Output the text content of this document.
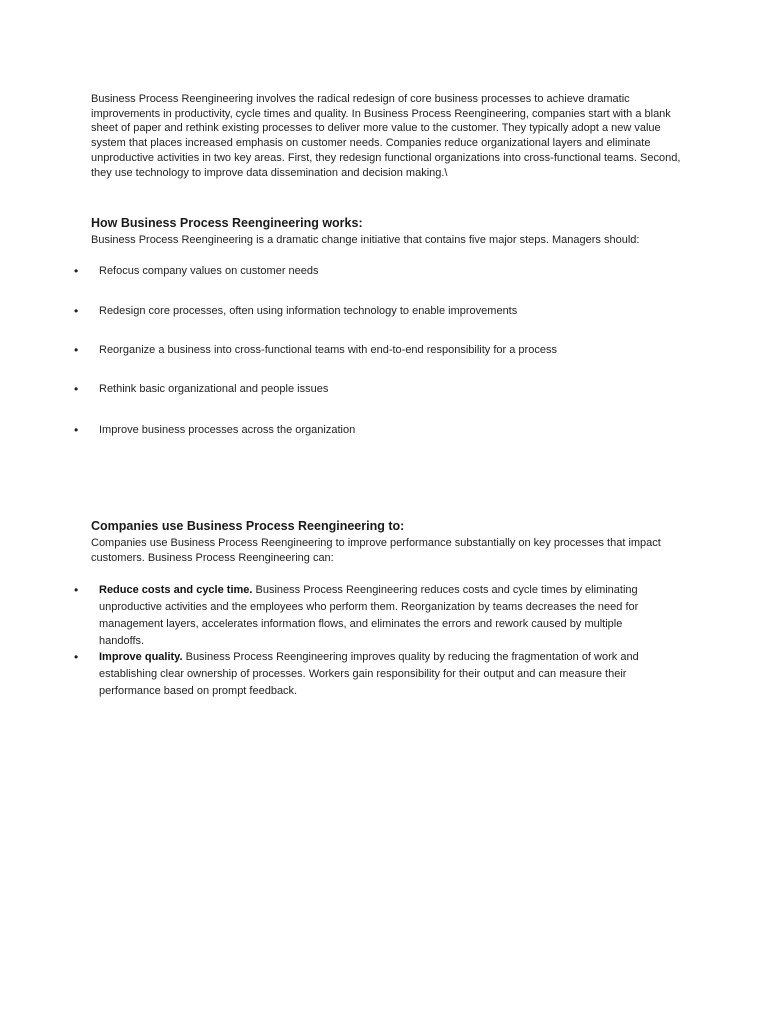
Business Process Reengineering involves the radical redesign of core business processes to achieve dramatic improvements in productivity, cycle times and quality. In Business Process Reengineering, companies start with a blank sheet of paper and rethink existing processes to deliver more value to the customer. They typically adopt a new value system that places increased emphasis on customer needs. Companies reduce organizational layers and eliminate unproductive activities in two key areas. First, they redesign functional organizations into cross-functional teams. Second, they use technology to improve data dissemination and decision making.\

How Business Process Reengineering works:

Business Process Reengineering is a dramatic change initiative that contains five major steps. Managers should:

• Refocus company values on customer needs
• Redesign core processes, often using information technology to enable improvements
• Reorganize a business into cross-functional teams with end-to-end responsibility for a process
• Rethink basic organizational and people issues
• Improve business processes across the organization
Companies use Business Process Reengineering to:

Companies use Business Process Reengineering to improve performance substantially on key processes that impact customers. Business Process Reengineering can:

• Reduce costs and cycle time. Business Process Reengineering reduces costs and cycle times by eliminating unproductive activities and the employees who perform them. Reorganization by teams decreases the need for management layers, accelerates information flows, and eliminates the errors and rework caused by multiple handoffs.
• Improve quality. Business Process Reengineering improves quality by reducing the fragmentation of work and establishing clear ownership of processes. Workers gain responsibility for their output and can measure their performance based on prompt feedback.
